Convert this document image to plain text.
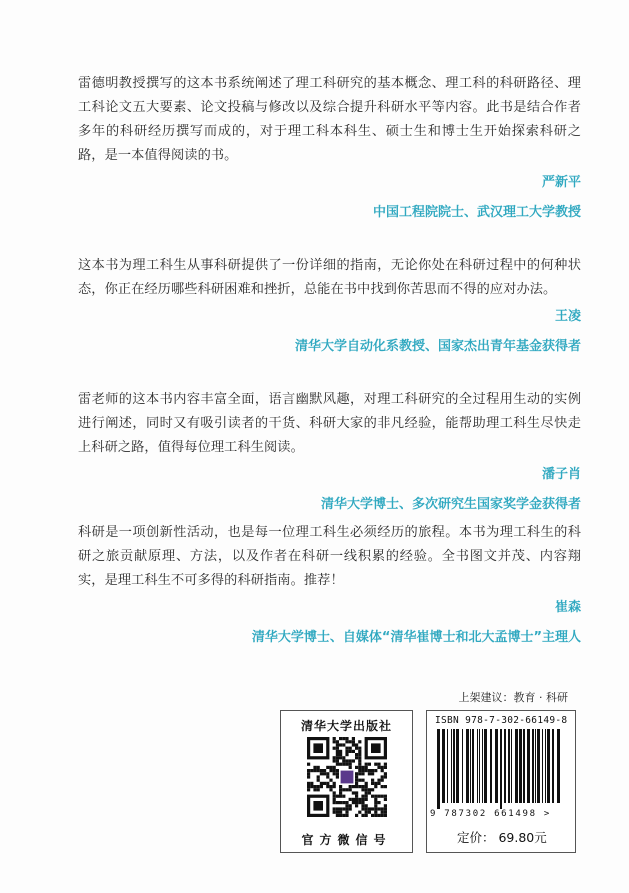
雷德明教授撰写的这本书系统阐述了理工科研究的基本概念、理工科的科研路径、理工科论文五大要素、论文投稿与修改以及综合提升科研水平等内容。此书是结合作者多年的科研经历撰写而成的，对于理工科本科生、硕士生和博士生开始探索科研之路，是一本值得阅读的书。

严新平
中国工程院院士、武汉理工大学教授

这本书为理工科生从事科研提供了一份详细的指南，无论你处在科研过程中的何种状态，你正在经历哪些科研困难和挫折，总能在书中找到你苦思而不得的应对办法。

王凌
清华大学自动化系教授、国家杰出青年基金获得者

雷老师的这本书内容丰富全面，语言幽默风趣，对理工科研究的全过程用生动的实例进行阐述，同时又有吸引读者的干货、科研大家的非凡经验，能帮助理工科生尽快走上科研之路，值得每位理工科生阅读。

潘子肖
清华大学博士、多次研究生国家奖学金获得者

科研是一项创新性活动，也是每一位理工科生必须经历的旅程。本书为理工科生的科研之旅贡献原理、方法，以及作者在科研一线积累的经验。全书图文并茂、内容翔实，是理工科生不可多得的科研指南。推荐！

崔森
清华大学博士、自媒体“清华崔博士和北大孟博士”主理人
上架建议：教育 · 科研
清华大学出版社
官方微信号
ISBN 978-7-302-66149-8
9 787302 661498 >
定价： 69.80元
